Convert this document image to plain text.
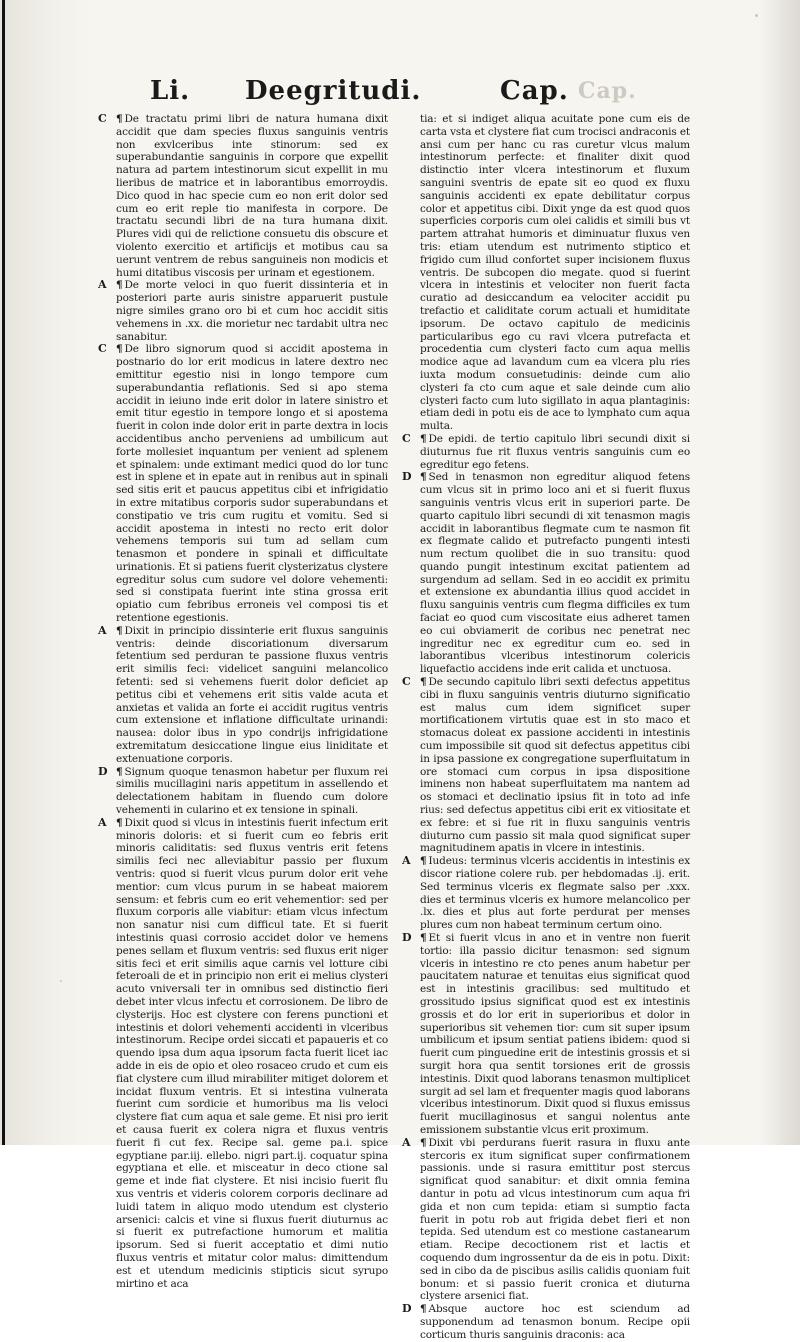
Li. Deegritudi.	Cap. Cap.

C ¶ De tractatu primi libri de natura humana dixit accidit que dam species fluxus sanguinis ventris non exvlceribus inte stinorum: sed ex superabundantie sanguinis in corpore que expellit natura ad partem intestinorum sicut expellit in mu lieribus de matrice et in laborantibus emorroydis. Dico quod in hac specie cum eo non erit dolor sed cum eo erit reple tio manifesta in corpore. De tractatu secundi libri de na tura humana dixit. Plures vidi qui de relictione consuetu dis obscure et violento exercitio et artificijs et motibus cau sa uerunt ventrem de rebus sanguineis non modicis et humi ditatibus viscosis per urinam et egestionem.

A ¶ De morte veloci in quo fuerit dissinteria et in posteriori parte auris sinistre apparuerit pustule nigre similes grano oro bi et cum hoc accidit sitis vehemens in .xx. die morietur nec tardabit ultra nec sanabitur.

C ¶ De libro signorum quod si accidit apostema in postnario do lor erit modicus in latere dextro nec emittitur egestio nisi in longo tempore cum superabundantia reflationis. Sed si apo stema accidit in ieiuno inde erit dolor in latere sinistro et emit titur egestio in tempore longo et si apostema fuerit in colon inde dolor erit in parte dextra in locis accidentibus ancho perveniens ad umbilicum aut forte mollesiet inquantum per venient ad splenem et spinalem: unde extimant medici quod do lor tunc est in splene et in epate aut in renibus aut in spinali sed sitis erit et paucus appetitus cibi et infrigidatio in extre mitatibus corporis sudor superabundans et constipatio ve tris cum rugitu et vomitu. Sed si accidit apostema in intesti no recto erit dolor vehemens temporis sui tum ad sellam cum tenasmon et pondere in spinali et difficultate urinationis. Et si patiens fuerit clysterizatus clystere egreditur solus cum sudore vel dolore vehementi: sed si constipata fuerint inte stina grossa erit opiatio cum febribus erroneis vel composi tis et retentione egestionis.

A ¶ Dixit in principio dissinterie erit fluxus sanguinis ventris: deinde discoriationum diversarum fetentium sed perduran te passione fluxus ventris erit similis feci: videlicet sanguini melancolico fetenti: sed si vehemens fuerit dolor deficiet ap petitus cibi et vehemens erit sitis valde acuta et anxietas et valida an forte ei accidit rugitus ventris cum extensione et inflatione difficultate urinandi: nausea: dolor ibus in ypo condrijs infrigidatione extremitatum desiccatione lingue eius liniditate et extenuatione corporis.

D ¶ Signum quoque tenasmon habetur per fluxum rei similis mucillagini naris appetitum in assellendo et delectationem habitam in fluendo cum dolore vehementi in cularino et ex tensione in spinali.

A ¶ Dixit quod si vlcus in intestinis fuerit infectum erit minoris doloris: et si fuerit cum eo febris erit minoris caliditatis: sed fluxus ventris erit fetens similis feci nec alleviabitur passio per fluxum ventris: quod si fuerit vlcus purum dolor erit vehe mentior: cum vlcus purum in se habeat maiorem sensum: et febris cum eo erit vehementior: sed per fluxum corporis alle viabitur: etiam vlcus infectum non sanatur nisi cum difficul tate. Et si fuerit intestinis quasi corrosio accidet dolor ve hemens penes sellam et fluxum ventris: sed fluxus erit niger sitis feci et erit similis aque carnis vel lotture cibi feteroali de et in principio non erit ei melius clysteri acuto vniversali ter in omnibus sed distinctio fieri debet inter vlcus infectu et corrosionem. De libro de clysterijs. Hoc est clystere con ferens punctioni et intestinis et dolori vehementi accidenti in vlceribus intestinorum. Recipe ordei siccati et papaueris et co quendo ipsa dum aqua ipsorum facta fuerit licet iac adde in eis de opio et oleo rosaceo crudo et cum eis fiat clystere cum illud mirabiliter mitiget dolorem et incidat fluxum ventris. Et si intestina vulnerata fuerint cum sordicie et humoribus ma lis veloci clystere fiat cum aqua et sale geme. Et nisi pro ierit et causa fuerit ex colera nigra et fluxus ventris fuerit fi cut fex. Recipe sal. geme pa.i. spice egyptiane par.iij. ellebo. nigri part.ij. coquatur spina egyptiana et elle. et misceatur in deco ctione sal geme et inde fiat clystere. Et nisi incisio fuerit flu xus ventris et videris colorem corporis declinare ad luidi tatem in aliquo modo utendum est clysterio arsenici: calcis et vine si fluxus fuerit diuturnus ac si fuerit ex putrefactione humorum et malitia ipsorum. Sed si fuerit acceptatio et dimi nutio fluxus ventris et mitatur color malus: dimittendum est et utendum medicinis stipticis sicut syrupo mirtino et aca

tia: et si indiget aliqua acuitate pone cum eis de carta vsta et clystere fiat cum trocisci andraconis et ansi cum per hanc cu ras curetur vlcus malum intestinorum perfecte: et finaliter dixit quod distinctio inter vlcera intestinorum et fluxum sanguini sventris de epate sit eo quod ex fluxu sanguinis accidenti ex epate debilitatur corpus color et appetitus cibi. Dixit ynge da est quod quos superficies corporis cum olei calidis et simili bus vt partem attrahat humoris et diminuatur fluxus ven tris: etiam utendum est nutrimento stiptico et frigido cum illud confortet super incisionem fluxus ventris. De subcopen dio megate. quod si fuerint vlcera in intestinis et velociter non fuerit facta curatio ad desiccandum ea velociter accidit pu trefactio et caliditate corum actuali et humiditate ipsorum. De octavo capitulo de medicinis particularibus ego cu ravi vlcera putrefacta et procedentia cum clysteri facto cum aqua mellis modice aque ad lavandum cum ea vlcera plu ries iuxta modum consuetudinis: deinde cum alio clysteri fa cto cum aque et sale deinde cum alio clysteri facto cum luto sigillato in aqua plantaginis: etiam dedi in potu eis de ace to lymphato cum aqua multa.

C ¶ De epidi. de tertio capitulo libri secundi dixit si diuturnus fue rit fluxus ventris sanguinis cum eo egreditur ego fetens.

D ¶ Sed in tenasmon non egreditur aliquod fetens cum vlcus sit in primo loco ani et si fuerit fluxus sanguinis ventris vlcus erit in superiori parte. De quarto capitulo libri secundi di xit tenasmon magis accidit in laborantibus flegmate cum te nasmon fit ex flegmate calido et putrefacto pungenti intesti num rectum quolibet die in suo transitu: quod quando pungit intestinum excitat patientem ad surgendum ad sellam. Sed in eo accidit ex primitu et extensione ex abundantia illius quod accidet in fluxu sanguinis ventris cum flegma difficiles ex tum faciat eo quod cum viscositate eius adheret tamen eo cui obviamerit de coribus nec penetrat nec ingreditur nec ex egreditur cum eo. sed in laborantibus vlceribus intestinorum colericis liquefactio accidens inde erit calida et unctuosa.

C ¶ De secundo capitulo libri sexti defectus appetitus cibi in fluxu sanguinis ventris diuturno significatio est malus cum idem significet super mortificationem virtutis quae est in sto maco et stomacus doleat ex passione accidenti in intestinis cum impossibile sit quod sit defectus appetitus cibi in ipsa passione ex congregatione superfluitatum in ore stomaci cum corpus in ipsa dispositione iminens non habeat superfluitatem ma nantem ad os stomaci et declinatio ipsius fit in toto ad infe rius: sed defectus appetitus cibi erit ex vitiositate et ex febre: et si fue rit in fluxu sanguinis ventris diuturno cum passio sit mala quod significat super magnitudinem apatis in vlcere in intestinis.

A ¶ Iudeus: terminus vlceris accidentis in intestinis ex discor riatione colere rub. per hebdomadas .ij. erit. Sed terminus vlceris ex flegmate salso per .xxx. dies et terminus vlceris ex humore melancolico per .lx. dies et plus aut forte perdurat per menses plures cum non habeat terminum certum oino.

D ¶ Et si fuerit vlcus in ano et in ventre non fuerit tortio: illa passio dicitur tenasmon: sed signum vlceris in intestino re cto penes anum habetur per paucitatem naturae et tenuitas eius significat quod est in intestinis gracilibus: sed multitudo et grossitudo ipsius significat quod est ex intestinis grossis et do lor erit in superioribus et dolor in superioribus sit vehemen tior: cum sit super ipsum umbilicum et ipsum sentiat patiens ibidem: quod si fuerit cum pinguedine erit de intestinis grossis et si surgit hora qua sentit torsiones erit de grossis intestinis. Dixit quod laborans tenasmon multiplicet surgit ad sel lam et frequenter magis quod laborans vlceribus intestinorum. Dixit quod si fluxus emissus fuerit mucillaginosus et sangui nolentus ante emissionem substantie vlcus erit proximum.

A ¶ Dixit vbi perdurans fuerit rasura in fluxu ante stercoris ex itum significat super confirmationem passionis. unde si rasura emittitur post stercus significat quod sanabitur: et dixit omnia femina dantur in potu ad vlcus intestinorum cum aqua fri gida et non cum tepida: etiam si sumptio facta fuerit in potu rob aut frigida debet fieri et non tepida. Sed utendum est co mestione castanearum etiam. Recipe decoctionem rist et lactis et coquendo dum ingrossentur da de eis in potu. Dixit: sed in cibo da de piscibus asilis calidis quoniam fuit bonum: et si passio fuerit cronica et diuturna clystere arsenici fiat.

D ¶ Absque auctore hoc est sciendum ad supponendum ad tenasmon bonum. Recipe opii corticum thuris sanguinis draconis: aca
